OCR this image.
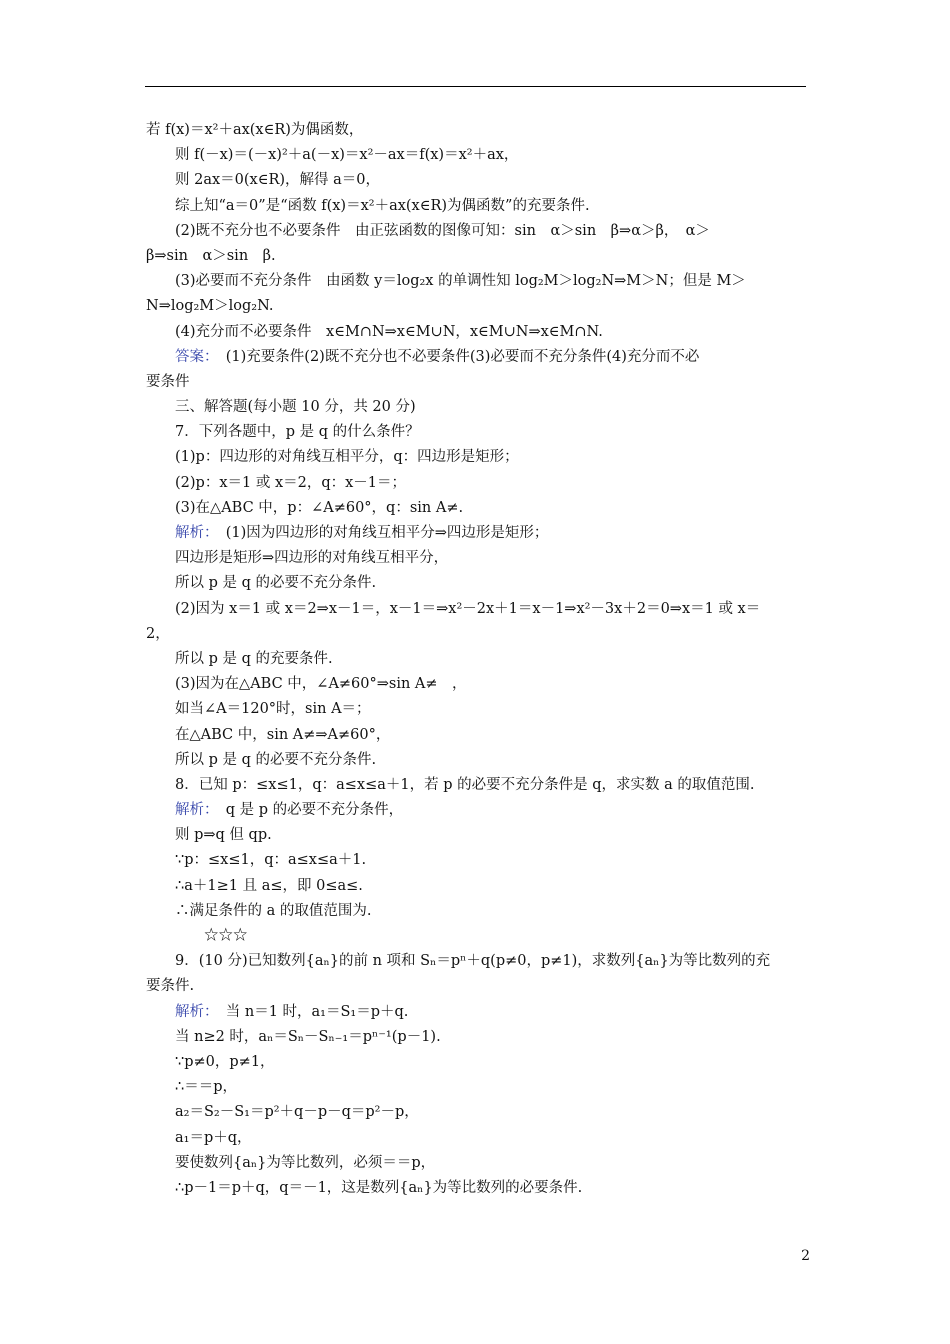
若 f(x)＝x²＋ax(x∈R)为偶函数，
则 f(－x)＝(－x)²＋a(－x)＝x²－ax＝f(x)＝x²＋ax，
则 2ax＝0(x∈R)，解得 a＝0，
综上知“a＝0”是“函数 f(x)＝x²＋ax(x∈R)为偶函数”的充要条件.
(2)既不充分也不必要条件　由正弦函数的图像可知：sin　α＞sin　β⇒α＞β，　α＞
β⇒sin　α＞sin　β.
(3)必要而不充分条件　由函数 y＝log₂x 的单调性知 log₂M＞log₂N⇒M＞N；但是 M＞
N⇒log₂M＞log₂N.
(4)充分而不必要条件　x∈M∩N⇒x∈M∪N，x∈M∪N⇒x∈M∩N.
答案：　(1)充要条件(2)既不充分也不必要条件(3)必要而不充分条件(4)充分而不必
要条件
三、解答题(每小题 10 分，共 20 分)
7．下列各题中，p 是 q 的什么条件？
(1)p：四边形的对角线互相平分，q：四边形是矩形；
(2)p：x＝1 或 x＝2，q：x－1＝；
(3)在△ABC 中，p：∠A≠60°，q：sin A≠.
解析：　(1)因为四边形的对角线互相平分⇒四边形是矩形；
四边形是矩形⇒四边形的对角线互相平分，
所以 p 是 q 的必要不充分条件.
(2)因为 x＝1 或 x＝2⇒x－1＝，x－1＝⇒x²－2x＋1＝x－1⇒x²－3x＋2＝0⇒x＝1 或 x＝
2，
所以 p 是 q 的充要条件.
(3)因为在△ABC 中，∠A≠60°⇒sin A≠　，
如当∠A＝120°时，sin A＝；
在△ABC 中，sin A≠⇒A≠60°，
所以 p 是 q 的必要不充分条件.
8．已知 p：≤x≤1，q：a≤x≤a＋1，若 p 的必要不充分条件是 q，求实数 a 的取值范围.
解析：　q 是 p 的必要不充分条件，
则 p⇒q 但 qp.
∵p：≤x≤1，q：a≤x≤a＋1.
∴a＋1≥1 且 a≤，即 0≤a≤.
∴满足条件的 a 的取值范围为.
　　☆☆☆
9．(10 分)已知数列{aₙ}的前 n 项和 Sₙ＝pⁿ＋q(p≠0，p≠1)，求数列{aₙ}为等比数列的充
要条件.
解析：　当 n＝1 时，a₁＝S₁＝p＋q.
当 n≥2 时，aₙ＝Sₙ－Sₙ₋₁＝pⁿ⁻¹(p－1).
∵p≠0，p≠1，
∴＝＝p，
a₂＝S₂－S₁＝p²＋q－p－q＝p²－p，
a₁＝p＋q，
要使数列{aₙ}为等比数列，必须＝＝p，
∴p－1＝p＋q，q＝－1，这是数列{aₙ}为等比数列的必要条件.
2
